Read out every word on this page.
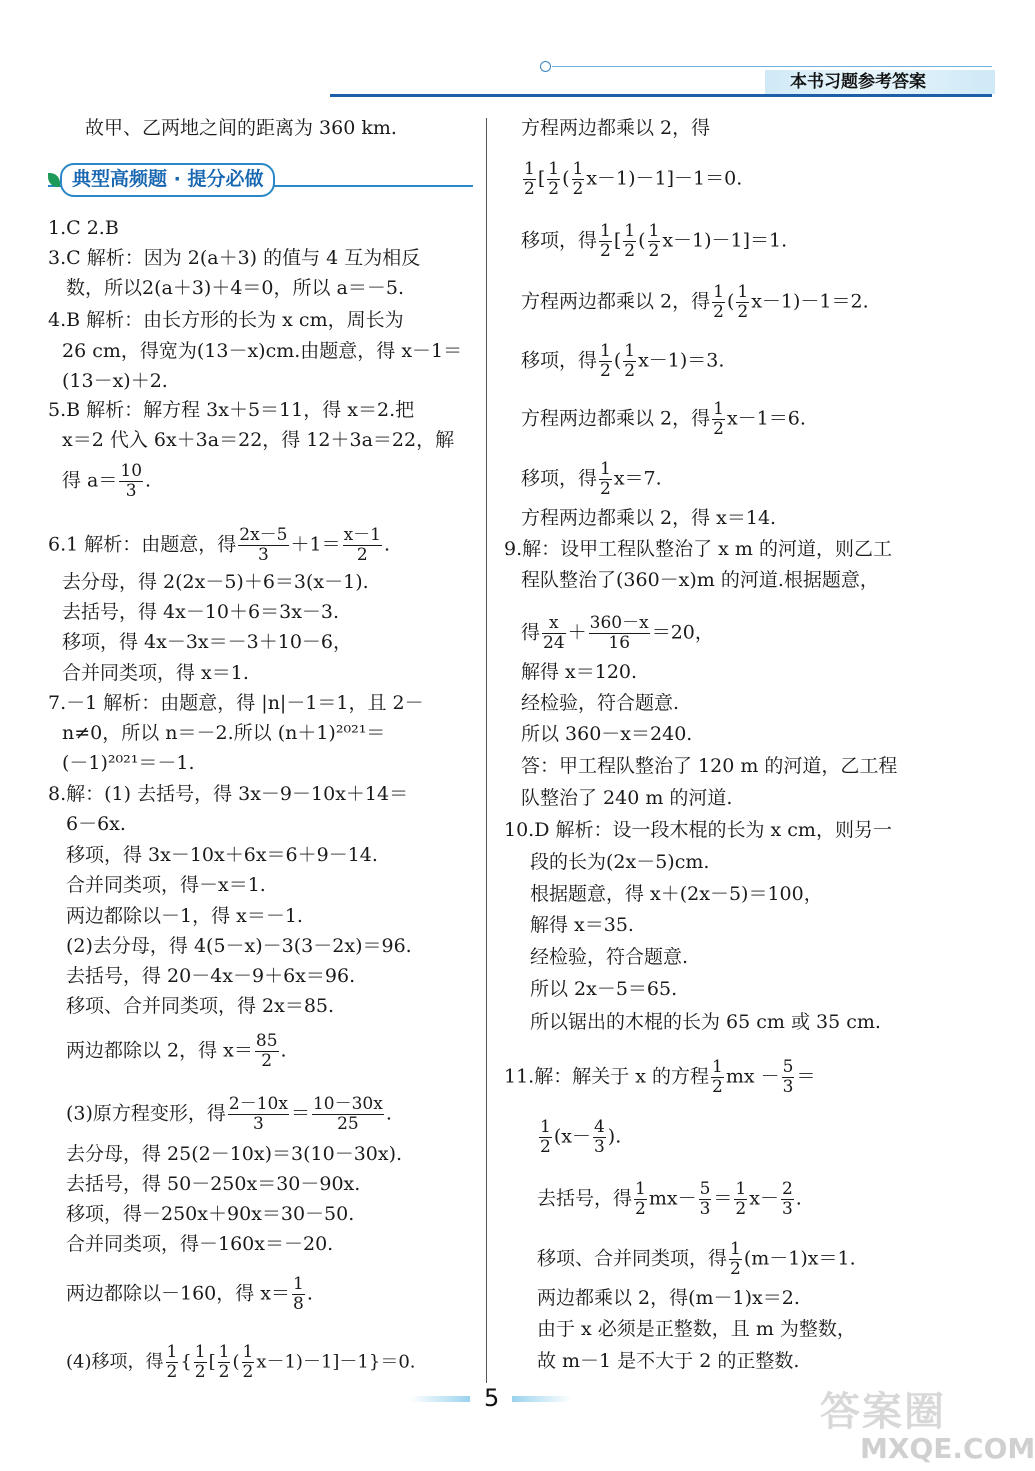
本书习题参考答案
故甲、乙两地之间的距离为 360 km.
典型高频题 · 提分必做
1.C 2.B
3.C 解析：因为 2(a＋3) 的值与 4 互为相反
数，所以2(a＋3)＋4＝0，所以 a＝－5.
4.B 解析：由长方形的长为 x cm，周长为
26 cm，得宽为(13－x)cm.由题意，得 x－1＝
(13－x)＋2.
5.B 解析：解方程 3x＋5＝11，得 x＝2.把
x＝2 代入 6x＋3a＝22，得 12＋3a＝22，解
得 $a= \frac{10}{3}$ .
6.1 解析：由题意，得 $\frac{2x-5}{3} +1= \frac{x-1}{2}$ .
去分母，得 2(2x－5)＋6＝3(x－1).
去括号，得 4x－10＋6＝3x－3.
移项，得 4x－3x＝－3＋10－6，
合并同类项，得 x＝1.
7.－1 解析：由题意，得 |n|－1＝1，且 2－
n≠0，所以 n＝－2.所以 (n＋1)²⁰²¹＝
(－1)²⁰²¹＝－1.
8.解：(1) 去括号，得 3x－9－10x＋14＝
6－6x.
移项，得 3x－10x＋6x＝6＋9－14.
合并同类项，得－x＝1.
两边都除以－1，得 x＝－1.
(2)去分母，得 4(5－x)－3(3－2x)＝96.
去括号，得 20－4x－9＋6x＝96.
移项、合并同类项，得 2x＝85.
两边都除以 2，得 $x= \frac{85}{2}$ .
(3)原方程变形，得 $\frac{2-10x}{3} = \frac{10-30x}{25}$ .
去分母，得 25(2－10x)＝3(10－30x).
去括号，得 50－250x＝30－90x.
移项，得－250x＋90x＝30－50.
合并同类项，得－160x＝－20.
两边都除以－160，得 $x= \frac{1}{8}$ .
(4)移项，得 $\frac{1}{2}$ { $\frac{1}{2}$ [ $\frac{1}{2}$ ( $\frac{1}{2} x-1)-1]-1\}=0$.
方程两边都乘以 2，得
$\frac{1}{2}$ [ $\frac{1}{2}$ ( $\frac{1}{2} x-1)-1]-1=0$.
移项，得 $\frac{1}{2}$ [ $\frac{1}{2}$ ( $\frac{1}{2} x-1)-1]=1$.
方程两边都乘以 2，得 $\frac{1}{2}$ ( $\frac{1}{2} x-1)-1=2$.
移项，得 $\frac{1}{2}$ ( $\frac{1}{2} x-1)=3$.
方程两边都乘以 2，得 $\frac{1}{2} x-1=6$.
移项，得 $\frac{1}{2} x=7$.
方程两边都乘以 2，得 x＝14.
9.解：设甲工程队整治了 x m 的河道，则乙工
程队整治了(360－x)m 的河道.根据题意，
得 $\frac{x}{24} + \frac{360-x}{16} =20$，
解得 x＝120.
经检验，符合题意.
所以 360－x＝240.
答：甲工程队整治了 120 m 的河道，乙工程
队整治了 240 m 的河道.
10.D 解析：设一段木棍的长为 x cm，则另一
段的长为(2x－5)cm.
根据题意，得 x＋(2x－5)＝100，
解得 x＝35.
经检验，符合题意.
所以 2x－5＝65.
所以锯出的木棍的长为 65 cm 或 35 cm.
11.解：解关于 x 的方程 $\frac{1}{2}$ mx － $\frac{5}{3}$ ＝
$\frac{1}{2} (x- \frac{4}{3}$ ).
去括号，得 $\frac{1}{2} mx- \frac{5}{3} = \frac{1}{2} x- \frac{2}{3}$ .
移项、合并同类项，得 $\frac{1}{2} (m-1)x=1$.
两边都乘以 2，得(m－1)x＝2.
由于 x 必须是正整数，且 m 为整数，
故 m－1 是不大于 2 的正整数.
5	答案圈
MXQE.COM
